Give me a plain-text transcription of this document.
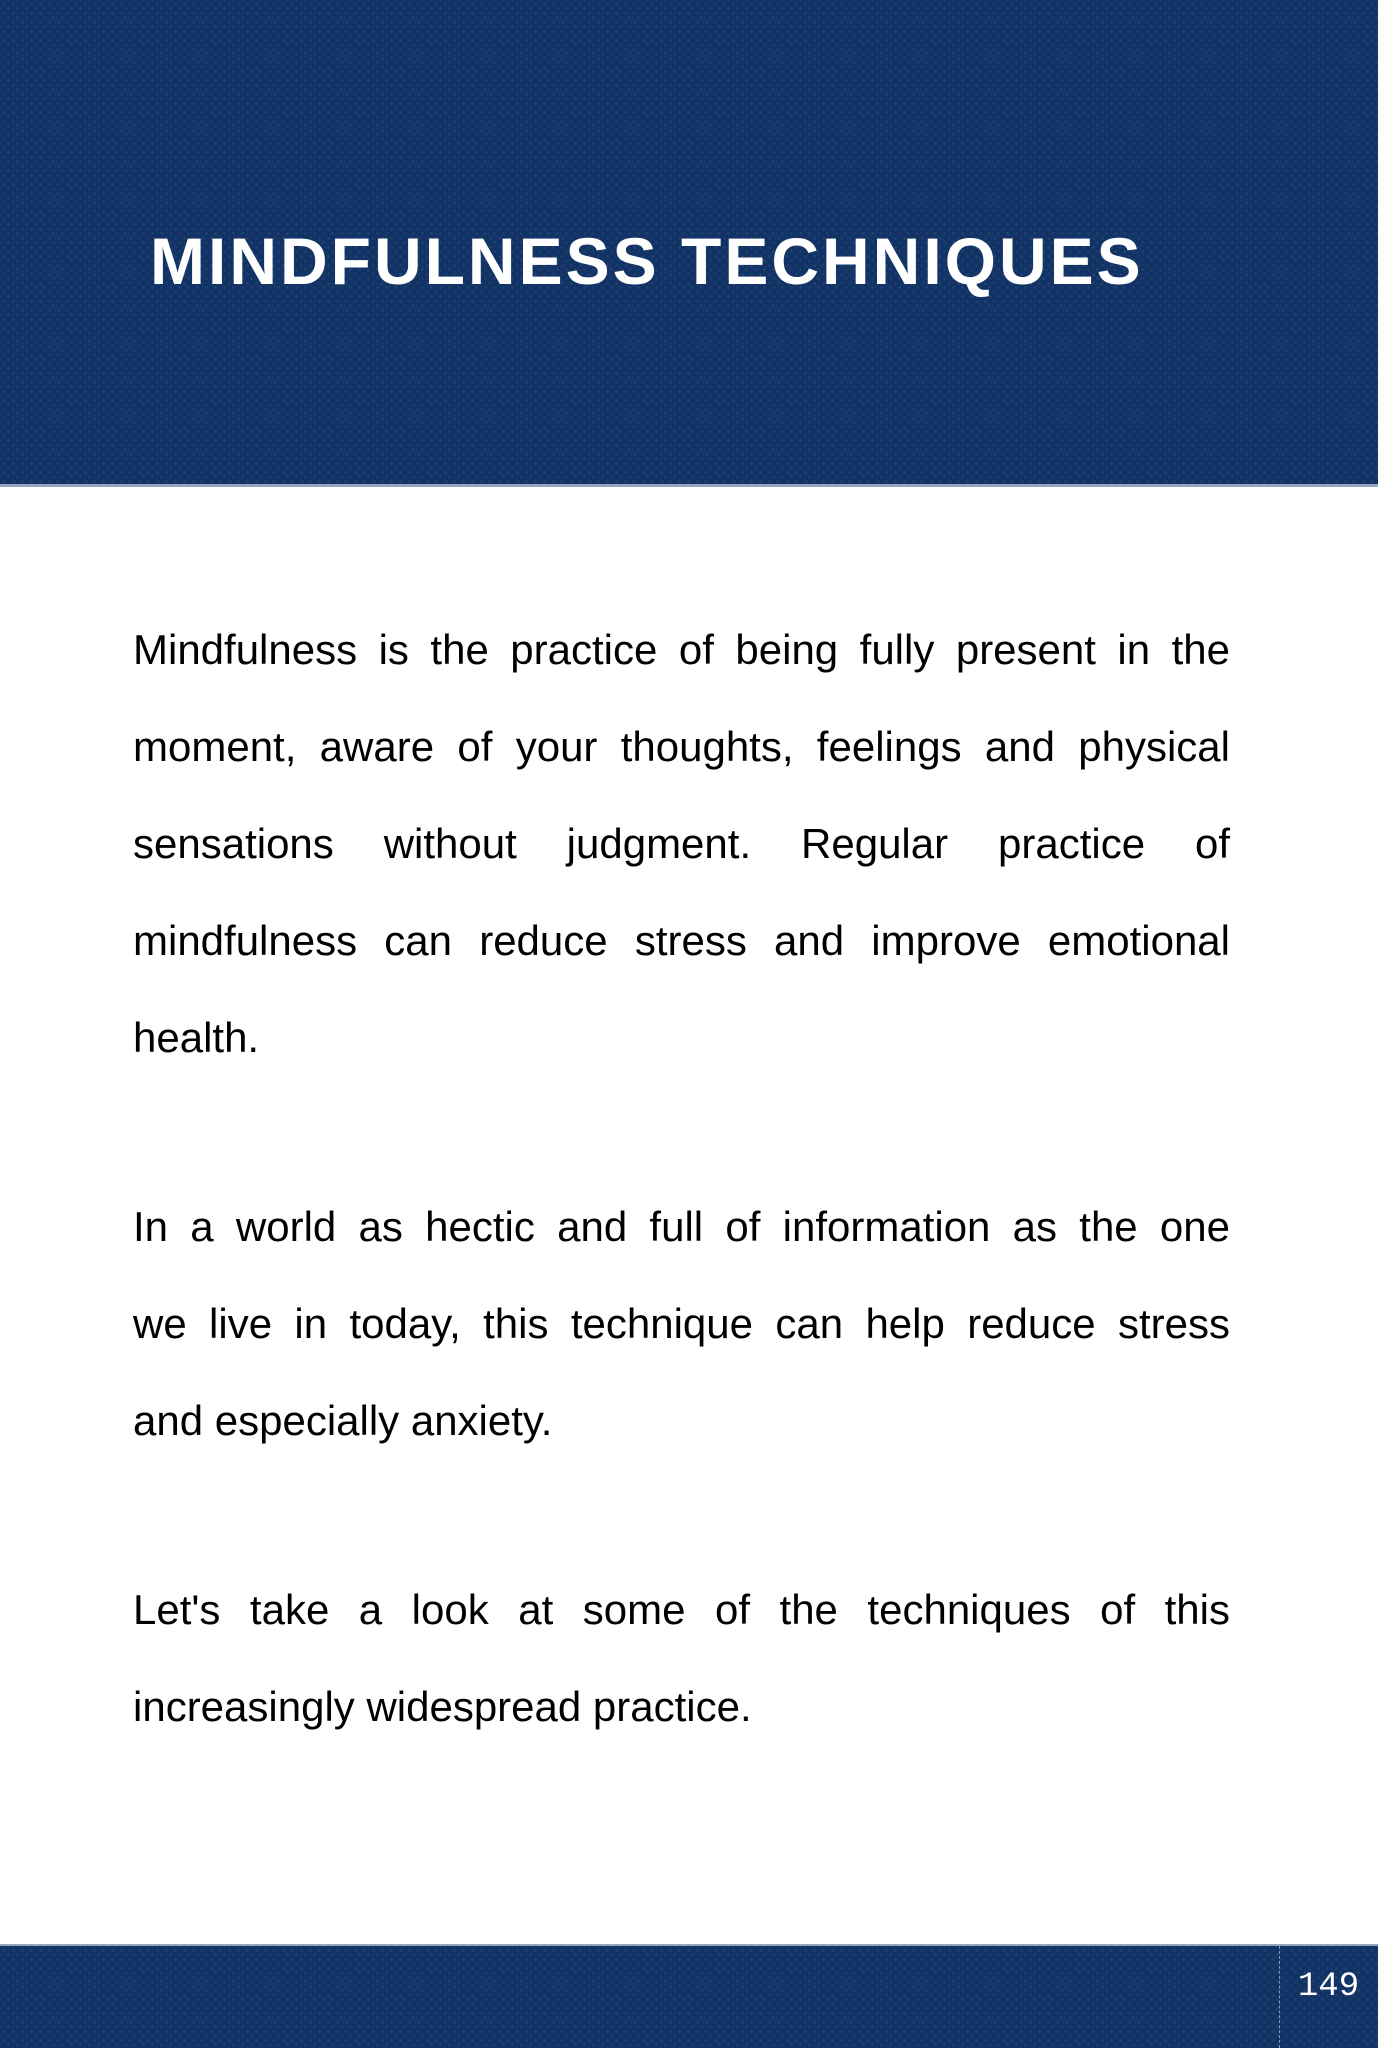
MINDFULNESS TECHNIQUES

Mindfulness is the practice of being fully present in the
moment, aware of your thoughts, feelings and physical
sensations without judgment. Regular practice of
mindfulness can reduce stress and improve emotional
health.

In a world as hectic and full of information as the one
we live in today, this technique can help reduce stress
and especially anxiety.

Let's take a look at some of the techniques of this
increasingly widespread practice.

149
